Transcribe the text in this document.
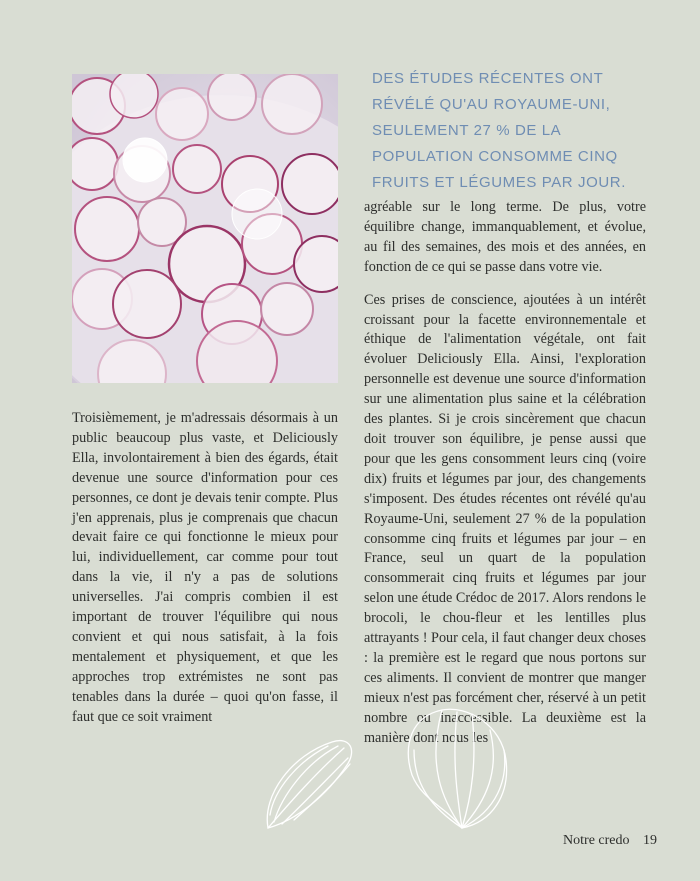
DES ÉTUDES RÉCENTES ONT RÉVÉLÉ QU'AU ROYAUME-UNI, SEULEMENT 27 % DE LA POPULATION CONSOMME CINQ FRUITS ET LÉGUMES PAR JOUR.

Troisièmement, je m'adressais désormais à un public beaucoup plus vaste, et Deliciously Ella, involontairement à bien des égards, était devenue une source d'information pour ces personnes, ce dont je devais tenir compte. Plus j'en apprenais, plus je comprenais que chacun devait faire ce qui fonctionne le mieux pour lui, individuellement, car comme pour tout dans la vie, il n'y a pas de solutions universelles. J'ai compris combien il est important de trouver l'équilibre qui nous convient et qui nous satisfait, à la fois mentalement et physiquement, et que les approches trop extrémistes ne sont pas tenables dans la durée – quoi qu'on fasse, il faut que ce soit vraiment

agréable sur le long terme. De plus, votre équilibre change, immanquablement, et évolue, au fil des semaines, des mois et des années, en fonction de ce qui se passe dans votre vie.

Ces prises de conscience, ajoutées à un intérêt croissant pour la facette environnementale et éthique de l'alimentation végétale, ont fait évoluer Deliciously Ella. Ainsi, l'exploration personnelle est devenue une source d'information sur une alimentation plus saine et la célébration des plantes. Si je crois sincèrement que chacun doit trouver son équilibre, je pense aussi que pour que les gens consomment leurs cinq (voire dix) fruits et légumes par jour, des changements s'imposent. Des études récentes ont révélé qu'au Royaume-Uni, seulement 27 % de la population consomme cinq fruits et légumes par jour – en France, seul un quart de la population consommerait cinq fruits et légumes par jour selon une étude Crédoc de 2017. Alors rendons le brocoli, le chou-fleur et les lentilles plus attrayants ! Pour cela, il faut changer deux choses : la première est le regard que nous portons sur ces aliments. Il convient de montrer que manger mieux n'est pas forcément cher, réservé à un petit nombre ou inaccessible. La deuxième est la manière dont nous les

Notre credo 19
